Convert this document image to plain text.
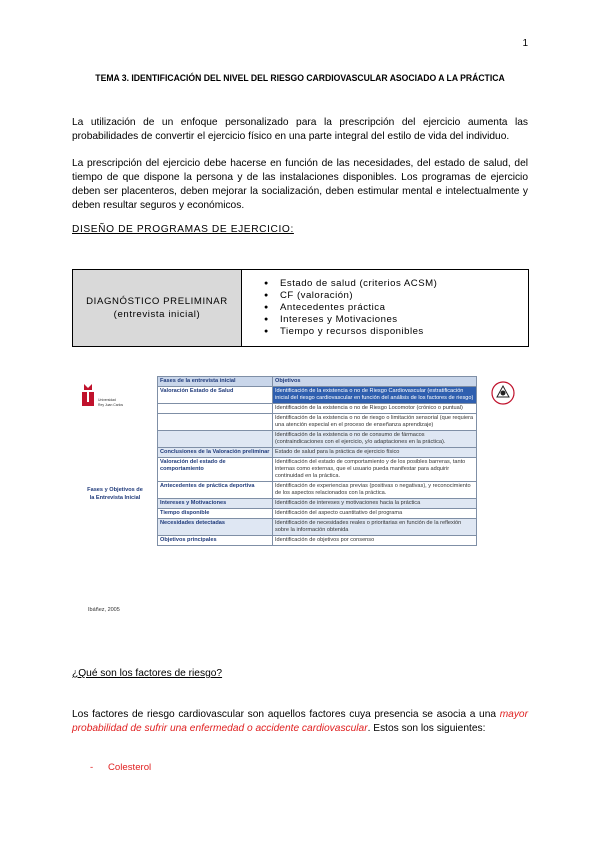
1
TEMA 3. IDENTIFICACIÓN DEL NIVEL DEL RIESGO CARDIOVASCULAR ASOCIADO A LA PRÁCTICA

La utilización de un enfoque personalizado para la prescripción del ejercicio aumenta las probabilidades de convertir el ejercicio físico en una parte integral del estilo de vida del individuo.

La prescripción del ejercicio debe hacerse en función de las necesidades, del estado de salud, del tiempo de que dispone la persona y de las instalaciones disponibles. Los programas de ejercicio deben ser placenteros, deben mejorar la socialización, deben estimular mental e intelectualmente y deben resultar seguros y económicos.

DISEÑO DE PROGRAMAS DE EJERCICIO:
DIAGNÓSTICO PRELIMINAR
(entrevista inicial)
● Estado de salud (criterios ACSM)
● CF (valoración)
● Antecedentes práctica
● Intereses y Motivaciones
● Tiempo y recursos disponibles
Universidad
Rey Juan Carlos
Fases y Objetivos de
la Entrevista Inicial
Ibáñez, 2005
Fases de la entrevista inicial	Objetivos
Valoración Estado de Salud	Identificación de la existencia o no de Riesgo Cardiovascular (estratificación inicial del riesgo cardiovascular en función del análisis de los factores de riesgo)
	Identificación de la existencia o no de Riesgo Locomotor (crónico o puntual)
	Identificación de la existencia o no de riesgo o limitación sensorial (que requiera una atención especial en el proceso de enseñanza aprendizaje)
	Identificación de la existencia o no de consumo de fármacos (contraindicaciones con el ejercicio, y/o adaptaciones en la práctica).
Conclusiones de la Valoración preliminar	Estado de salud para la práctica de ejercicio físico
Valoración del estado de comportamiento	Identificación del estado de comportamiento y de los posibles barreras, tanto internas como externas, que el usuario pueda manifestar para adquirir continuidad en la práctica.
Antecedentes de práctica deportiva	Identificación de experiencias previas (positivas o negativas), y reconocimiento de los aspectos relacionados con la práctica.
Intereses y Motivaciones	Identificación de intereses y motivaciones hacia la práctica
Tiempo disponible	Identificación del aspecto cuantitativo del programa
Necesidades detectadas	Identificación de necesidades reales o prioritarias en función de la reflexión sobre la información obtenida
Objetivos principales	Identificación de objetivos por consenso
¿Qué son los factores de riesgo?

Los factores de riesgo cardiovascular son aquellos factores cuya presencia se asocia a una mayor probabilidad de sufrir una enfermedad o accidente cardiovascular. Estos son los siguientes:

- Colesterol
